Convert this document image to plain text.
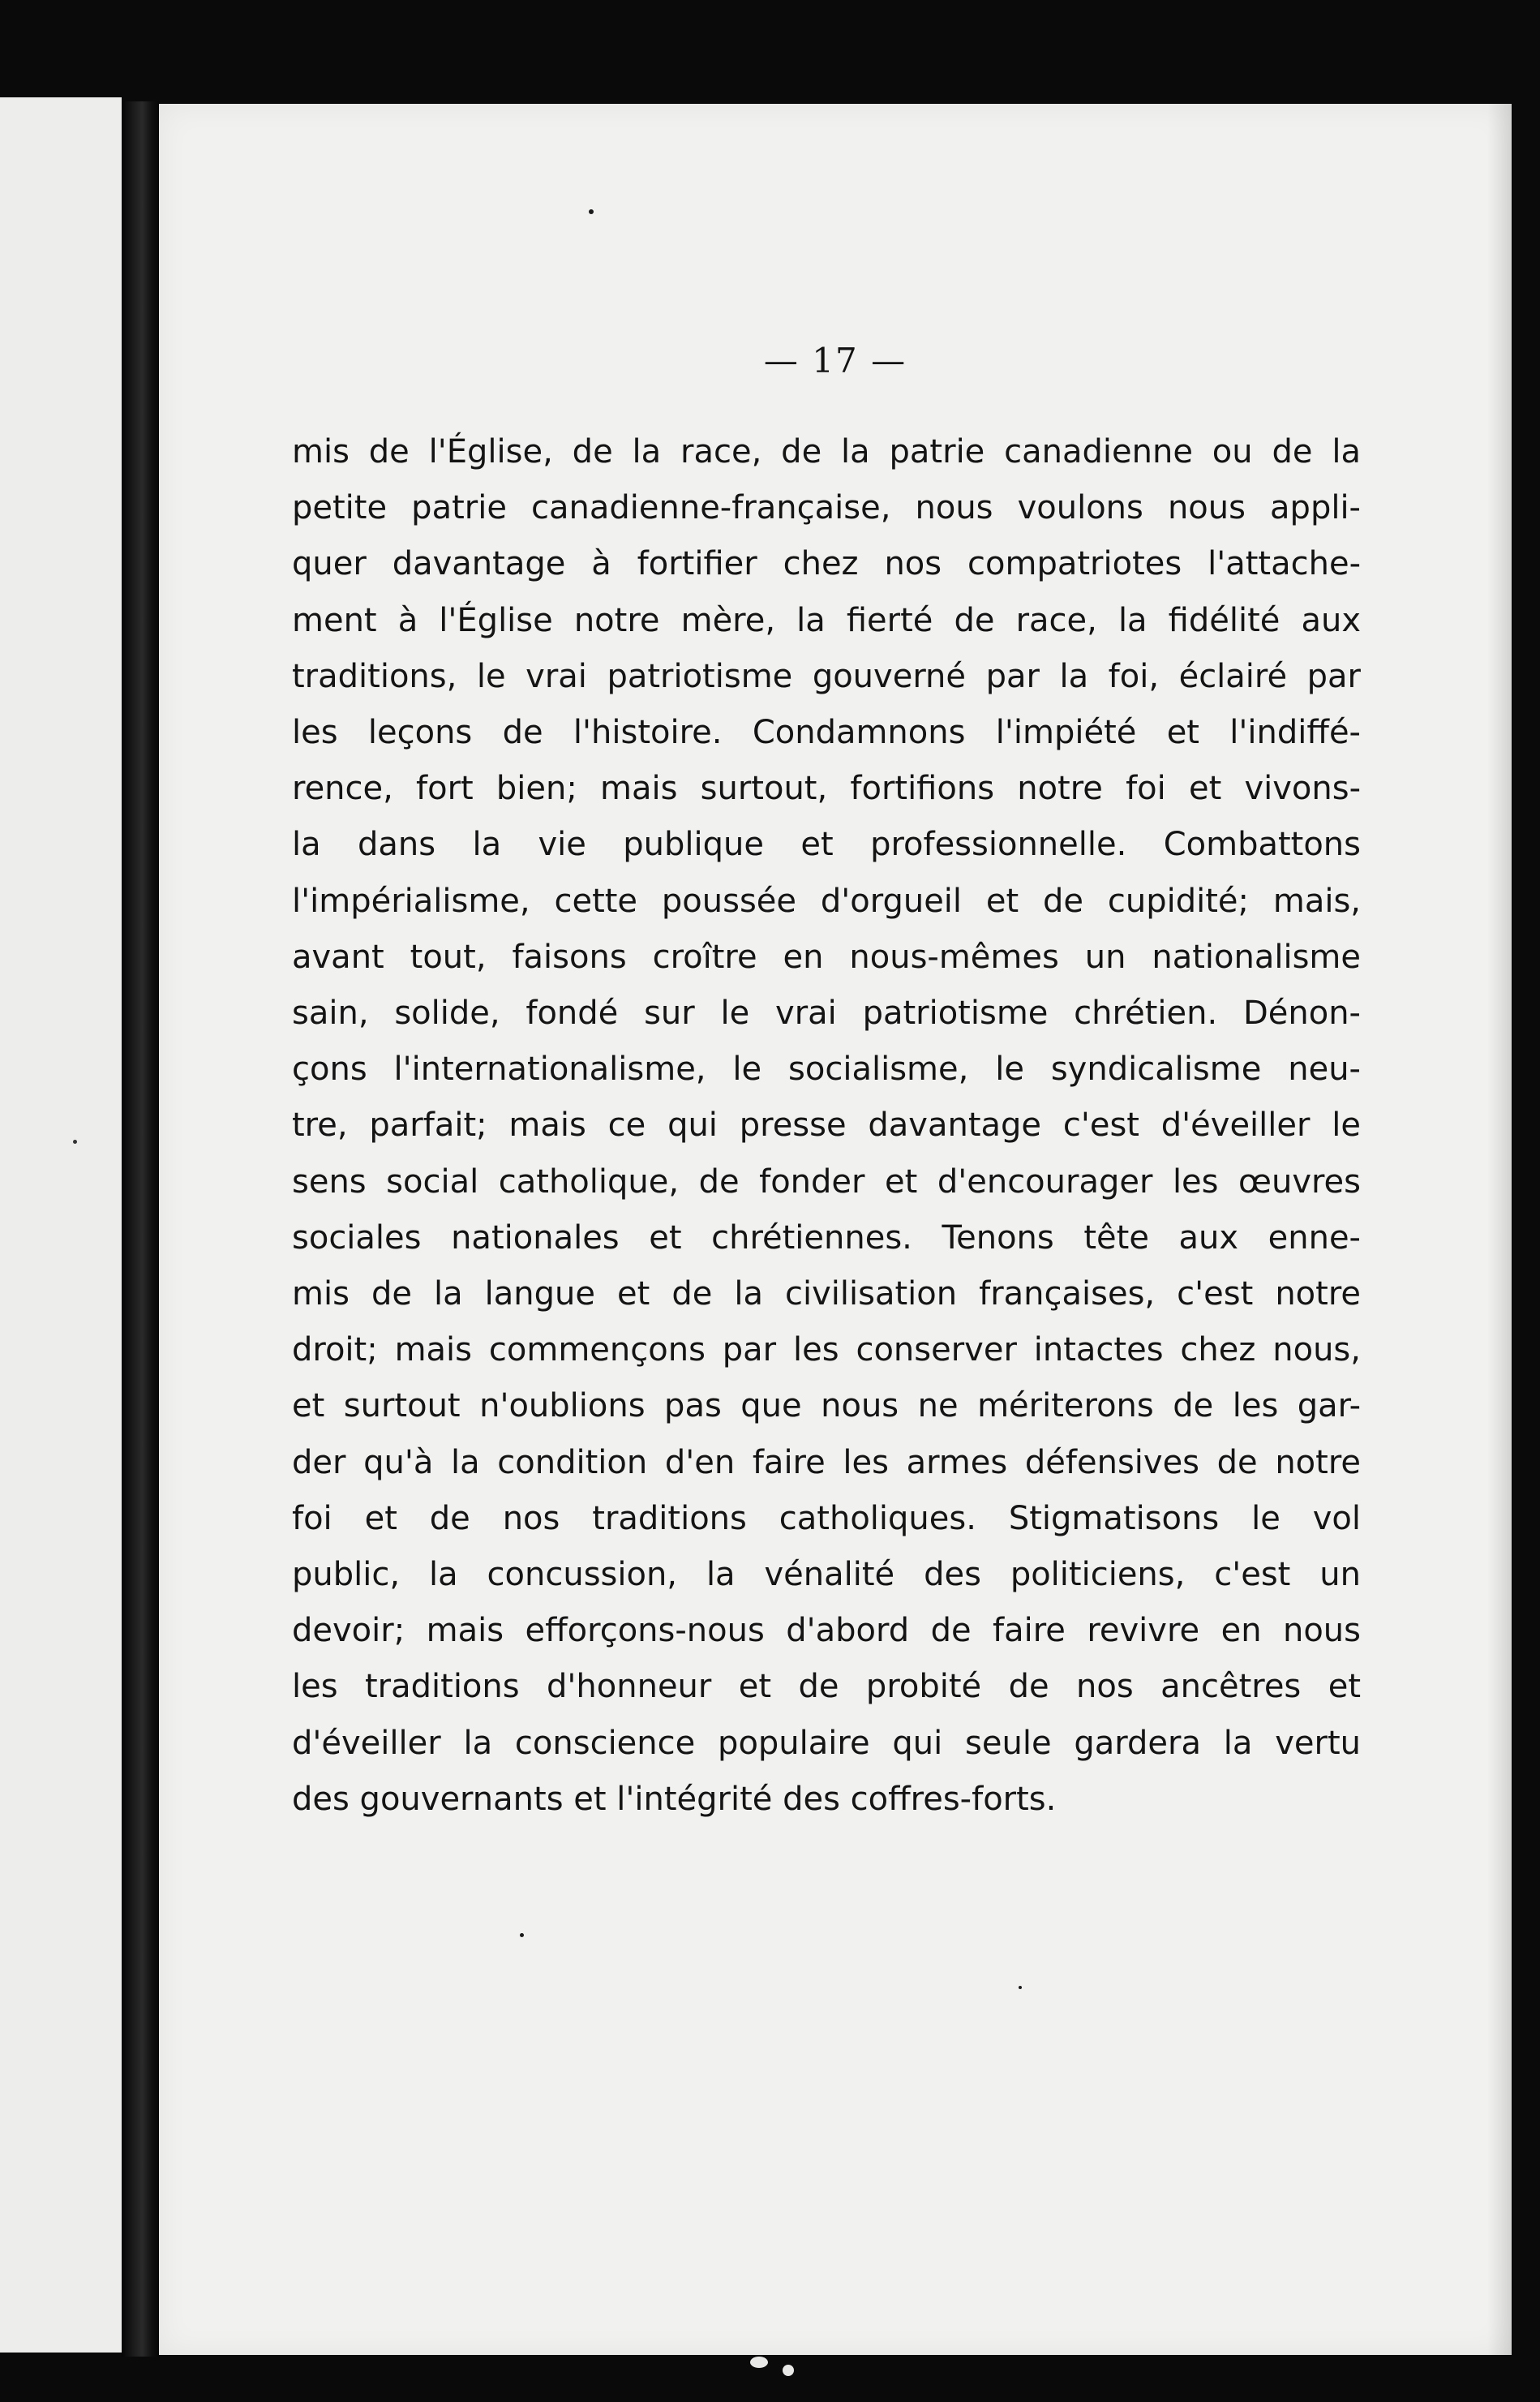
— 17 —
mis de l'Église, de la race, de la patrie canadienne ou de la
petite patrie canadienne-française, nous voulons nous appli-
quer davantage à fortifier chez nos compatriotes l'attache-
ment à l'Église notre mère, la fierté de race, la fidélité aux
traditions, le vrai patriotisme gouverné par la foi, éclairé par
les leçons de l'histoire. Condamnons l'impiété et l'indiffé-
rence, fort bien; mais surtout, fortifions notre foi et vivons-
la dans la vie publique et professionnelle. Combattons
l'impérialisme, cette poussée d'orgueil et de cupidité; mais,
avant tout, faisons croître en nous-mêmes un nationalisme
sain, solide, fondé sur le vrai patriotisme chrétien. Dénon-
çons l'internationalisme, le socialisme, le syndicalisme neu-
tre, parfait; mais ce qui presse davantage c'est d'éveiller le
sens social catholique, de fonder et d'encourager les œuvres
sociales nationales et chrétiennes. Tenons tête aux enne-
mis de la langue et de la civilisation françaises, c'est notre
droit; mais commençons par les conserver intactes chez nous,
et surtout n'oublions pas que nous ne mériterons de les gar-
der qu'à la condition d'en faire les armes défensives de notre
foi et de nos traditions catholiques. Stigmatisons le vol
public, la concussion, la vénalité des politiciens, c'est un
devoir; mais efforçons-nous d'abord de faire revivre en nous
les traditions d'honneur et de probité de nos ancêtres et
d'éveiller la conscience populaire qui seule gardera la vertu
des gouvernants et l'intégrité des coffres-forts.
